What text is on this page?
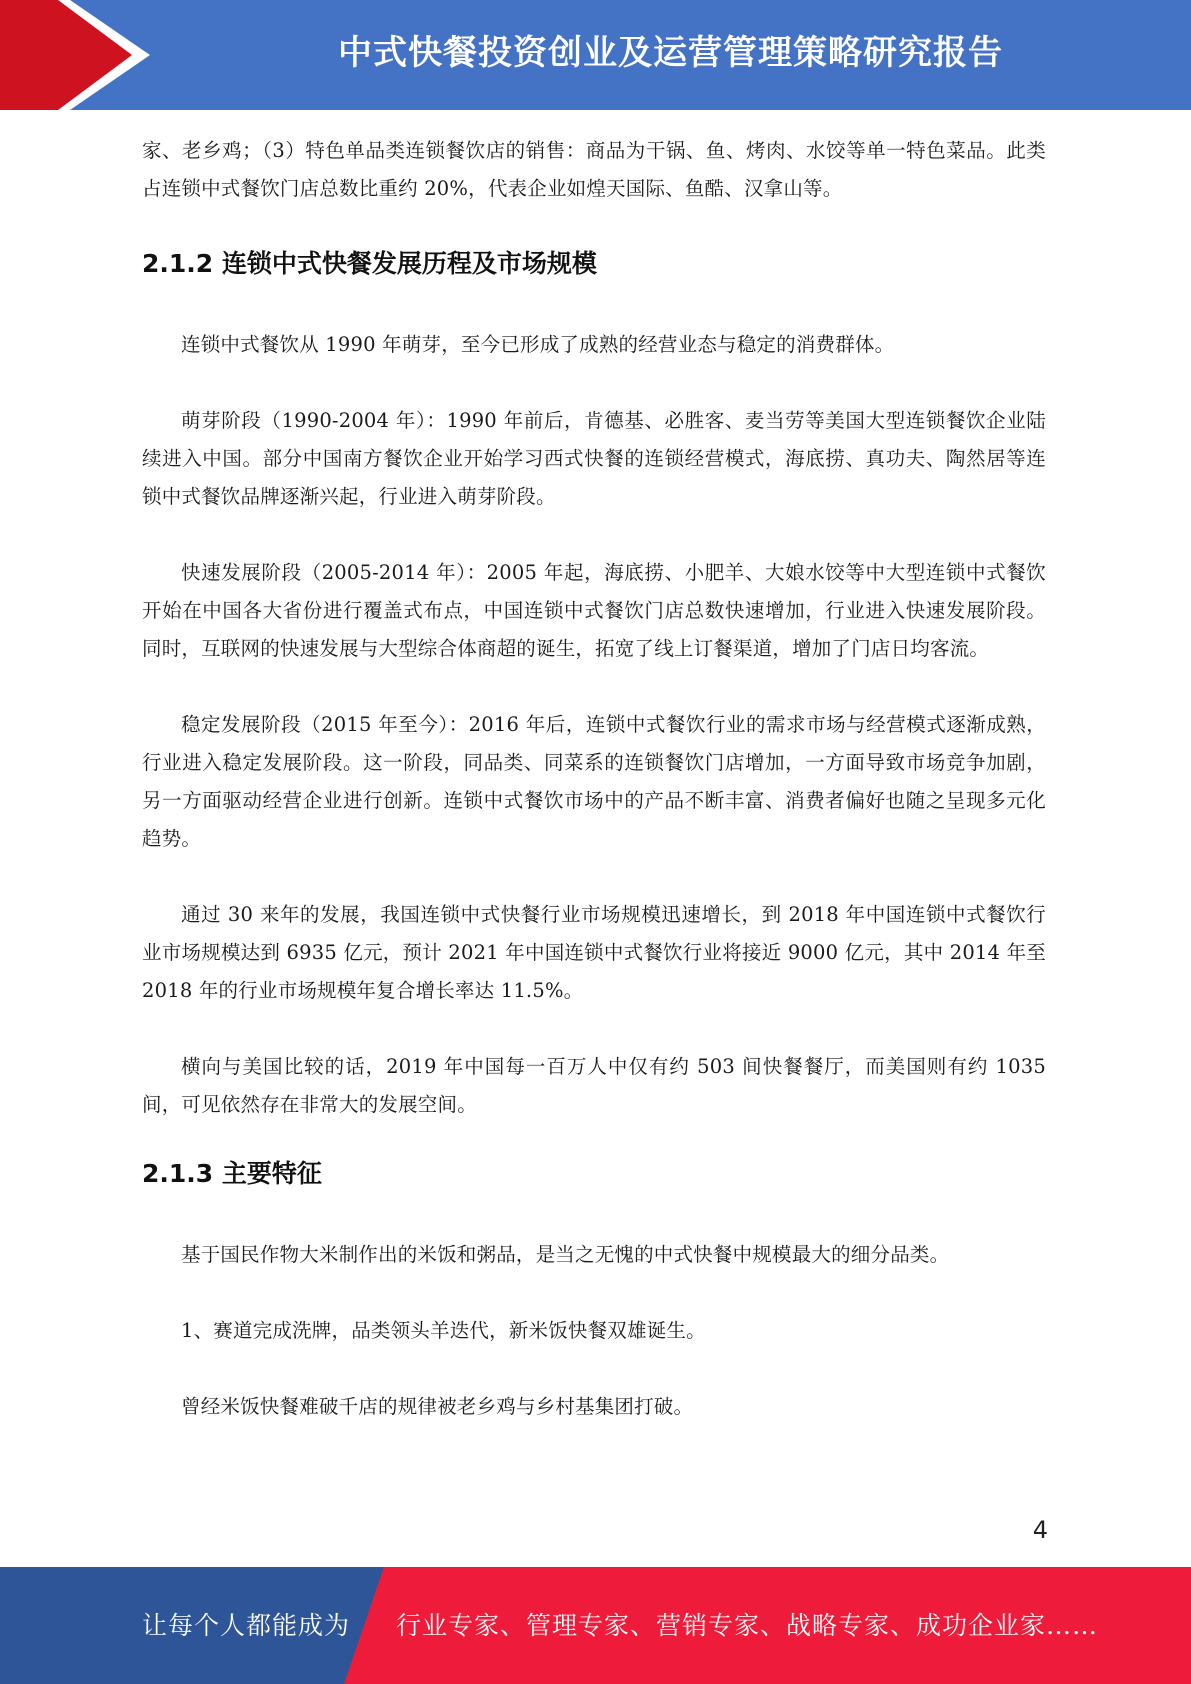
中式快餐投资创业及运营管理策略研究报告

家、老乡鸡；（3）特色单品类连锁餐饮店的销售：商品为干锅、鱼、烤肉、水饺等单一特色菜品。此类占连锁中式餐饮门店总数比重约 20%，代表企业如煌天国际、鱼酷、汉拿山等。

2.1.2 连锁中式快餐发展历程及市场规模

连锁中式餐饮从 1990 年萌芽，至今已形成了成熟的经营业态与稳定的消费群体。

萌芽阶段（1990-2004 年）：1990 年前后，肯德基、必胜客、麦当劳等美国大型连锁餐饮企业陆续进入中国。部分中国南方餐饮企业开始学习西式快餐的连锁经营模式，海底捞、真功夫、陶然居等连锁中式餐饮品牌逐渐兴起，行业进入萌芽阶段。

快速发展阶段（2005-2014 年）：2005 年起，海底捞、小肥羊、大娘水饺等中大型连锁中式餐饮开始在中国各大省份进行覆盖式布点，中国连锁中式餐饮门店总数快速增加，行业进入快速发展阶段。同时，互联网的快速发展与大型综合体商超的诞生，拓宽了线上订餐渠道，增加了门店日均客流。

稳定发展阶段（2015 年至今）：2016 年后，连锁中式餐饮行业的需求市场与经营模式逐渐成熟，行业进入稳定发展阶段。这一阶段，同品类、同菜系的连锁餐饮门店增加，一方面导致市场竞争加剧，另一方面驱动经营企业进行创新。连锁中式餐饮市场中的产品不断丰富、消费者偏好也随之呈现多元化趋势。

通过 30 来年的发展，我国连锁中式快餐行业市场规模迅速增长，到 2018 年中国连锁中式餐饮行业市场规模达到 6935 亿元，预计 2021 年中国连锁中式餐饮行业将接近 9000 亿元，其中 2014 年至 2018 年的行业市场规模年复合增长率达 11.5%。

横向与美国比较的话，2019 年中国每一百万人中仅有约 503 间快餐餐厅，而美国则有约 1035 间，可见依然存在非常大的发展空间。

2.1.3 主要特征

基于国民作物大米制作出的米饭和粥品，是当之无愧的中式快餐中规模最大的细分品类。

1、赛道完成洗牌，品类领头羊迭代，新米饭快餐双雄诞生。

曾经米饭快餐难破千店的规律被老乡鸡与乡村基集团打破。

4
让每个人都能成为 行业专家、管理专家、营销专家、战略专家、成功企业家……
